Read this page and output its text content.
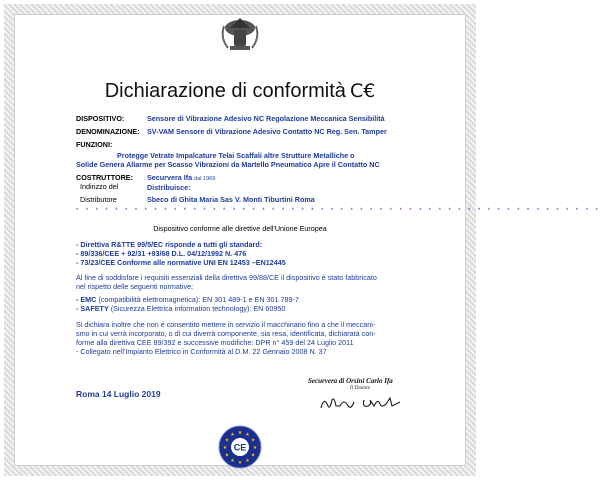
Dichiarazione di conformità C€
DISPOSITIVO:	Sensore di Vibrazione Adesivo NC Regolazione Meccanica Sensibilità
DENOMINAZIONE: SV-VAM Sensore di Vibrazione Adesivo Contatto NC Reg. Sen. Tamper
FUNZIONI:
Protegge Vetrate Impalcature Telai Scaffali altre Strutture Metalliche o
Solide Genera Allarme per Scasso Vibrazioni da Martello Pneumatico Apre il Contatto NC
COSTRUTTORE: Securvera Ifa dal 1969
Indirizzo del
Distributore
Distribuisce:
Sbeco di Ghita Maria Sas V. Monti Tiburtini Roma
* * * * * * * * * * * * * * * * * * * * * * * * * * * * * * * * * * * * * * * * * * * * * * * * * * * * * *
Dispositivo conforme alle direttive dell'Unione Europea
- Direttiva R&TTE 99/5/EC risponde a tutti gli standard:
- 89/336/CEE + 92/31 +93/68 D.L. 04/12/1992 N. 476
- 73/23/CEE Conforme alle normative UNI EN 12453 –EN12445
Al fine di soddisfare i requisiti essenziali della direttiva 99/88/CE il dispositivo è stato fabbricato
nel rispetto delle seguenti normative:
- EMC (compatibilità elettromagnetica): EN 301 489-1 e EN 301 789-7
- SAFETY (Sicurezza Elettrica information technology): EN 60950
Si dichiara inoltre che non è consentito mettere in servizio il macchinario fino a che il meccani-
smo in cui verrà incorporato, o di cui diverrà componente, sia resa, identificata, dichiarata con-
forme alla direttiva CEE 89/392 e successive modifiche: DPR n° 459 del 24 Luglio 2011
- Collegato nell'Impianto Elettrico in Conformità al D.M. 22 Gennaio 2008 N. 37
Roma 14 Luglio 2019
Securvera di Orsini Carlo Ifa
Il Titolare
★ ★
★
★
★
★
★
★
★
★
★
★
CE
